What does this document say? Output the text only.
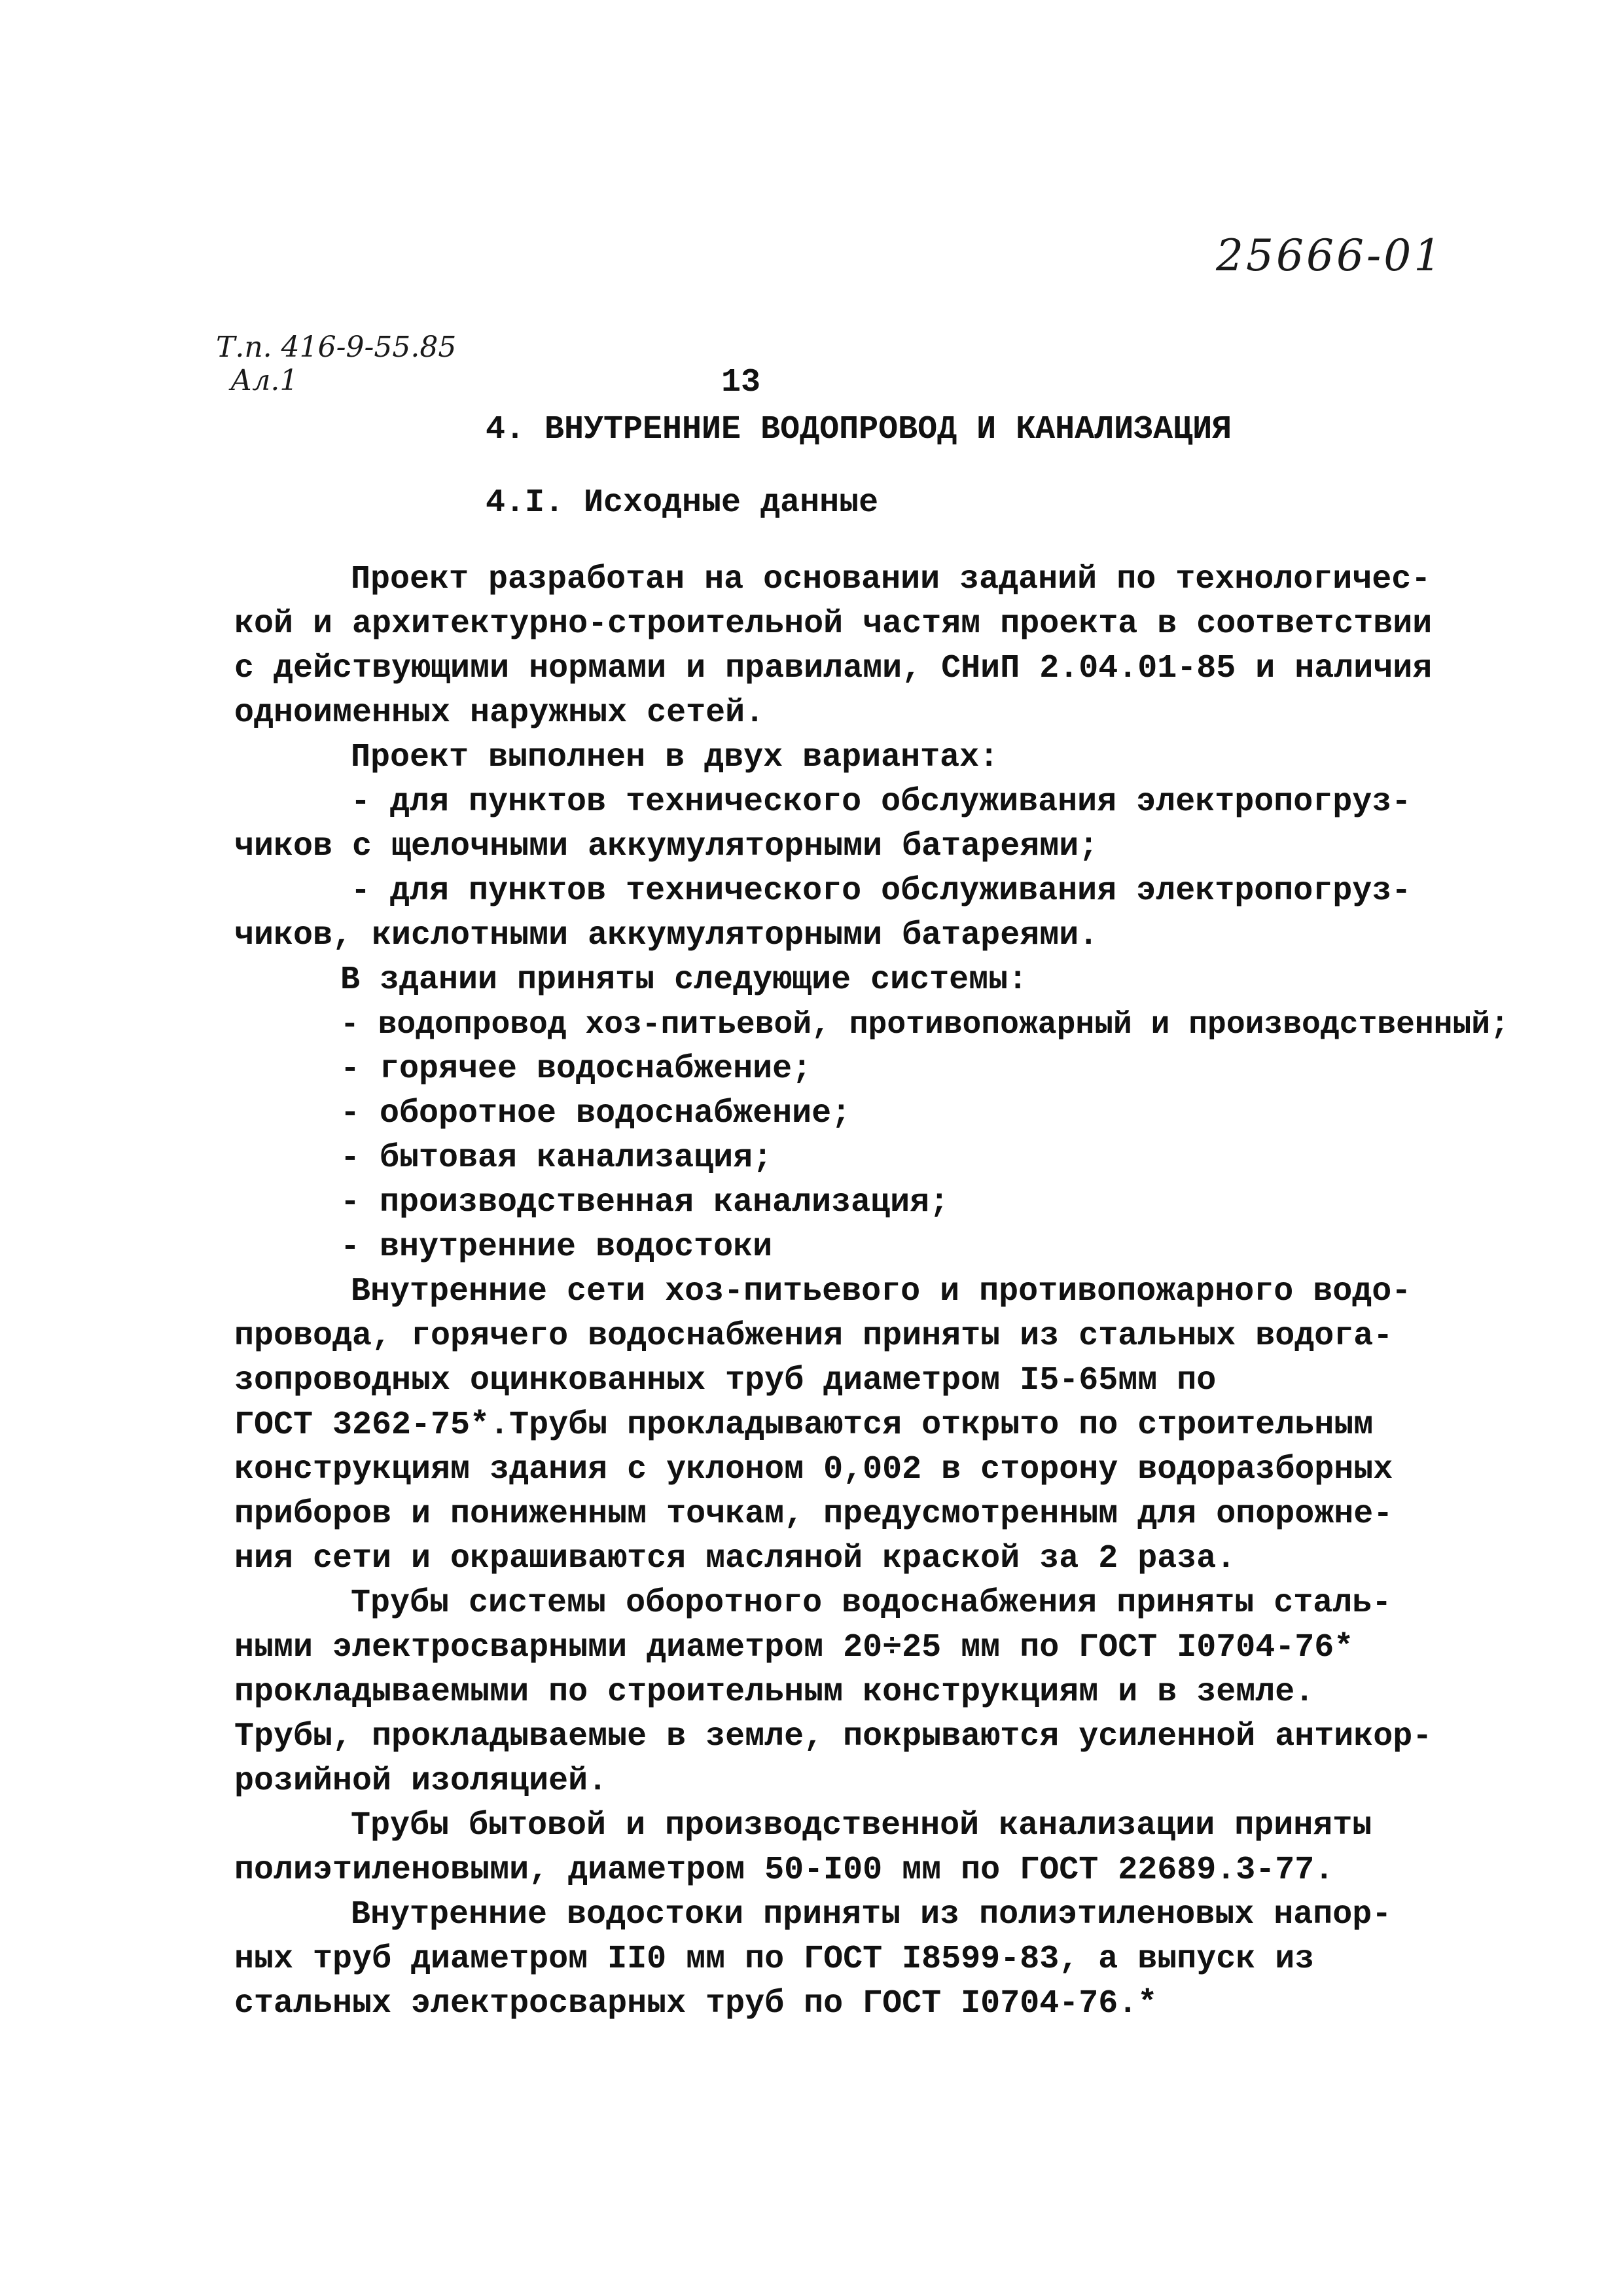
25666-01
Т.п. 416-9-55.85
Ал.1	13
4. ВНУТРЕННИЕ ВОДОПРОВОД И КАНАЛИЗАЦИЯ
4.I. Исходные данные
Проект разработан на основании заданий по технологичес-
кой и архитектурно-строительной частям проекта в соответствии
с действующими нормами и правилами, СНиП 2.04.01-85 и наличия
одноименных наружных сетей.
Проект выполнен в двух вариантах:
- для пунктов технического обслуживания электропогруз-
чиков с щелочными аккумуляторными батареями;
- для пунктов технического обслуживания электропогруз-
чиков, кислотными аккумуляторными батареями.
В здании приняты следующие системы:
- водопровод хоз-питьевой, противопожарный и производственный;
- горячее водоснабжение;
- оборотное водоснабжение;
- бытовая канализация;
- производственная канализация;
- внутренние водостоки
Внутренние сети хоз-питьевого и противопожарного водо-
провода, горячего водоснабжения приняты из стальных водога-
зопроводных оцинкованных труб диаметром I5-65мм по
ГОСТ 3262-75*.Трубы прокладываются открыто по строительным
конструкциям здания с уклоном 0,002 в сторону водоразборных
приборов и пониженным точкам, предусмотренным для опорожне-
ния сети и окрашиваются масляной краской за 2 раза.
Трубы системы оборотного водоснабжения приняты сталь-
ными электросварными диаметром 20÷25 мм по ГОСТ I0704-76*
прокладываемыми по строительным конструкциям и в земле.
Трубы, прокладываемые в земле, покрываются усиленной антикор-
розийной изоляцией.
Трубы бытовой и производственной канализации приняты
полиэтиленовыми, диаметром 50-I00 мм по ГОСТ 22689.3-77.
Внутренние водостоки приняты из полиэтиленовых напор-
ных труб диаметром II0 мм по ГОСТ I8599-83, а выпуск из
стальных электросварных труб по ГОСТ I0704-76.*
